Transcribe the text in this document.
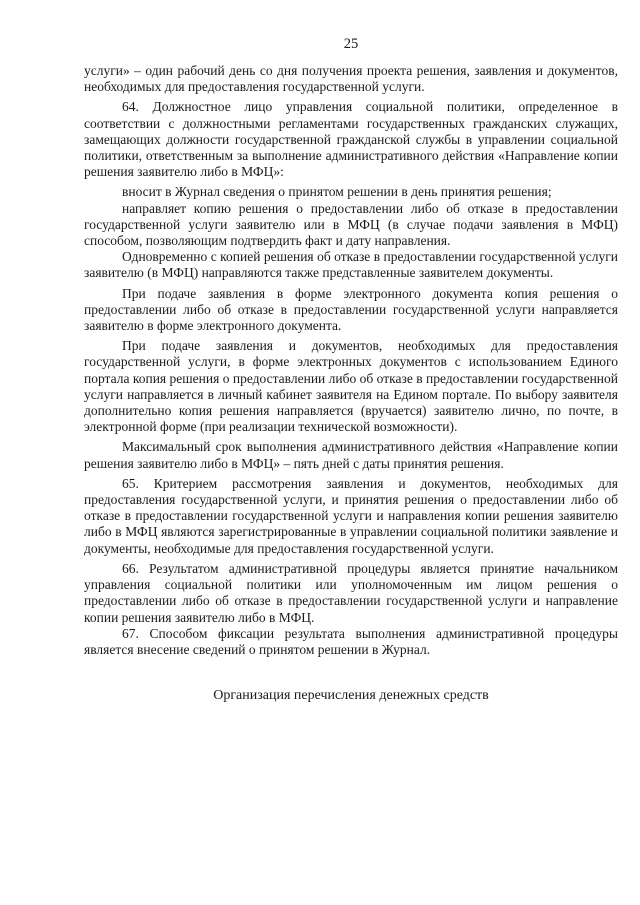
25

услуги» – один рабочий день со дня получения проекта решения, заявления и документов, необходимых для предоставления государственной услуги.

64. Должностное лицо управления социальной политики, определенное в соответствии с должностными регламентами государственных гражданских служащих, замещающих должности государственной гражданской службы в управлении социальной политики, ответственным за выполнение административного действия «Направление копии решения заявителю либо в МФЦ»:

вносит в Журнал сведения о принятом решении в день принятия решения;

направляет копию решения о предоставлении либо об отказе в предоставлении государственной услуги заявителю или в МФЦ (в случае подачи заявления в МФЦ) способом, позволяющим подтвердить факт и дату направления.

Одновременно с копией решения об отказе в предоставлении государственной услуги заявителю (в МФЦ) направляются также представленные заявителем документы.

При подаче заявления в форме электронного документа копия решения о предоставлении либо об отказе в предоставлении государственной услуги направляется заявителю в форме электронного документа.

При подаче заявления и документов, необходимых для предоставления государственной услуги, в форме электронных документов с использованием Единого портала копия решения о предоставлении либо об отказе в предоставлении государственной услуги направляется в личный кабинет заявителя на Едином портале. По выбору заявителя дополнительно копия решения направляется (вручается) заявителю лично, по почте, в электронной форме (при реализации технической возможности).

Максимальный срок выполнения административного действия «Направление копии решения заявителю либо в МФЦ» – пять дней с даты принятия решения.

65. Критерием рассмотрения заявления и документов, необходимых для предоставления государственной услуги, и принятия решения о предоставлении либо об отказе в предоставлении государственной услуги и направления копии решения заявителю либо в МФЦ являются зарегистрированные в управлении социальной политики заявление и документы, необходимые для предоставления государственной услуги.

66. Результатом административной процедуры является принятие начальником управления социальной политики или уполномоченным им лицом решения о предоставлении либо об отказе в предоставлении государственной услуги и направление копии решения заявителю либо в МФЦ.

67. Способом фиксации результата выполнения административной процедуры является внесение сведений о принятом решении в Журнал.

Организация перечисления денежных средств
